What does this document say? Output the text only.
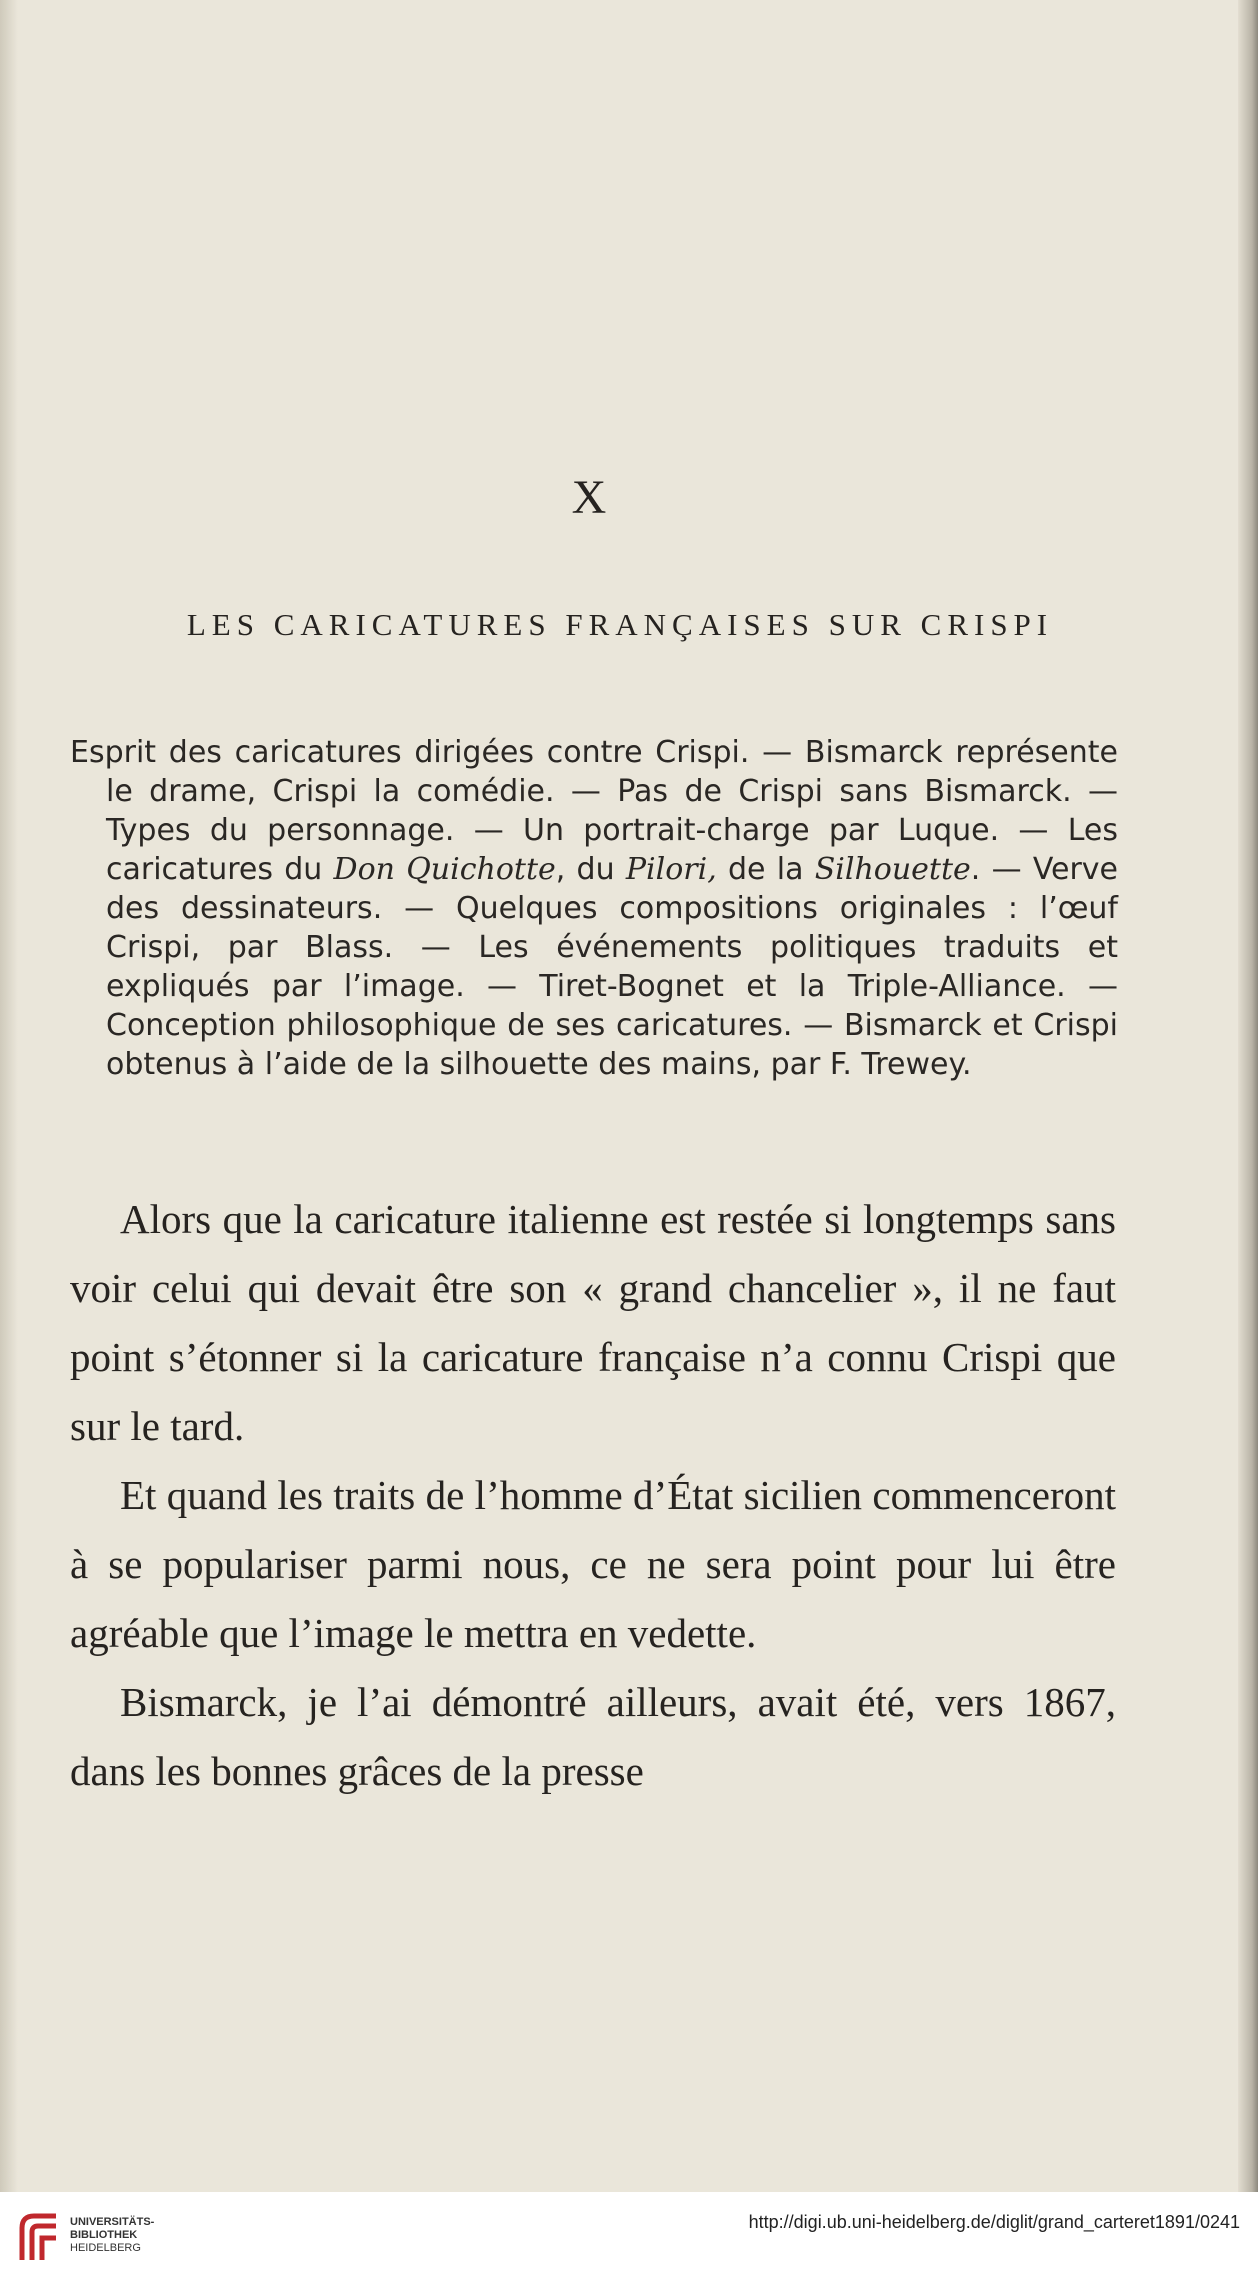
X
LES CARICATURES FRANÇAISES SUR CRISPI
Esprit des caricatures dirigées contre Crispi. — Bismarck représente le drame, Crispi la comédie. — Pas de Crispi sans Bismarck. — Types du personnage. — Un portrait-charge par Luque. — Les caricatures du Don Quichotte, du Pilori, de la Silhouette. — Verve des dessinateurs. — Quelques compositions originales : l’œuf Crispi, par Blass. — Les événements politiques traduits et expliqués par l’image. — Tiret-Bognet et la Triple-Alliance. — Conception philosophique de ses caricatures. — Bismarck et Crispi obtenus à l’aide de la silhouette des mains, par F. Trewey.

Alors que la caricature italienne est restée si longtemps sans voir celui qui devait être son « grand chancelier », il ne faut point s’étonner si la caricature française n’a connu Crispi que sur le tard.

Et quand les traits de l’homme d’État sicilien commenceront à se populariser parmi nous, ce ne sera point pour lui être agréable que l’image le mettra en vedette.

Bismarck, je l’ai démontré ailleurs, avait été, vers 1867, dans les bonnes grâces de la presse

UNIVERSITÄTS-
BIBLIOTHEK
HEIDELBERG
http://digi.ub.uni-heidelberg.de/diglit/grand_carteret1891/0241
